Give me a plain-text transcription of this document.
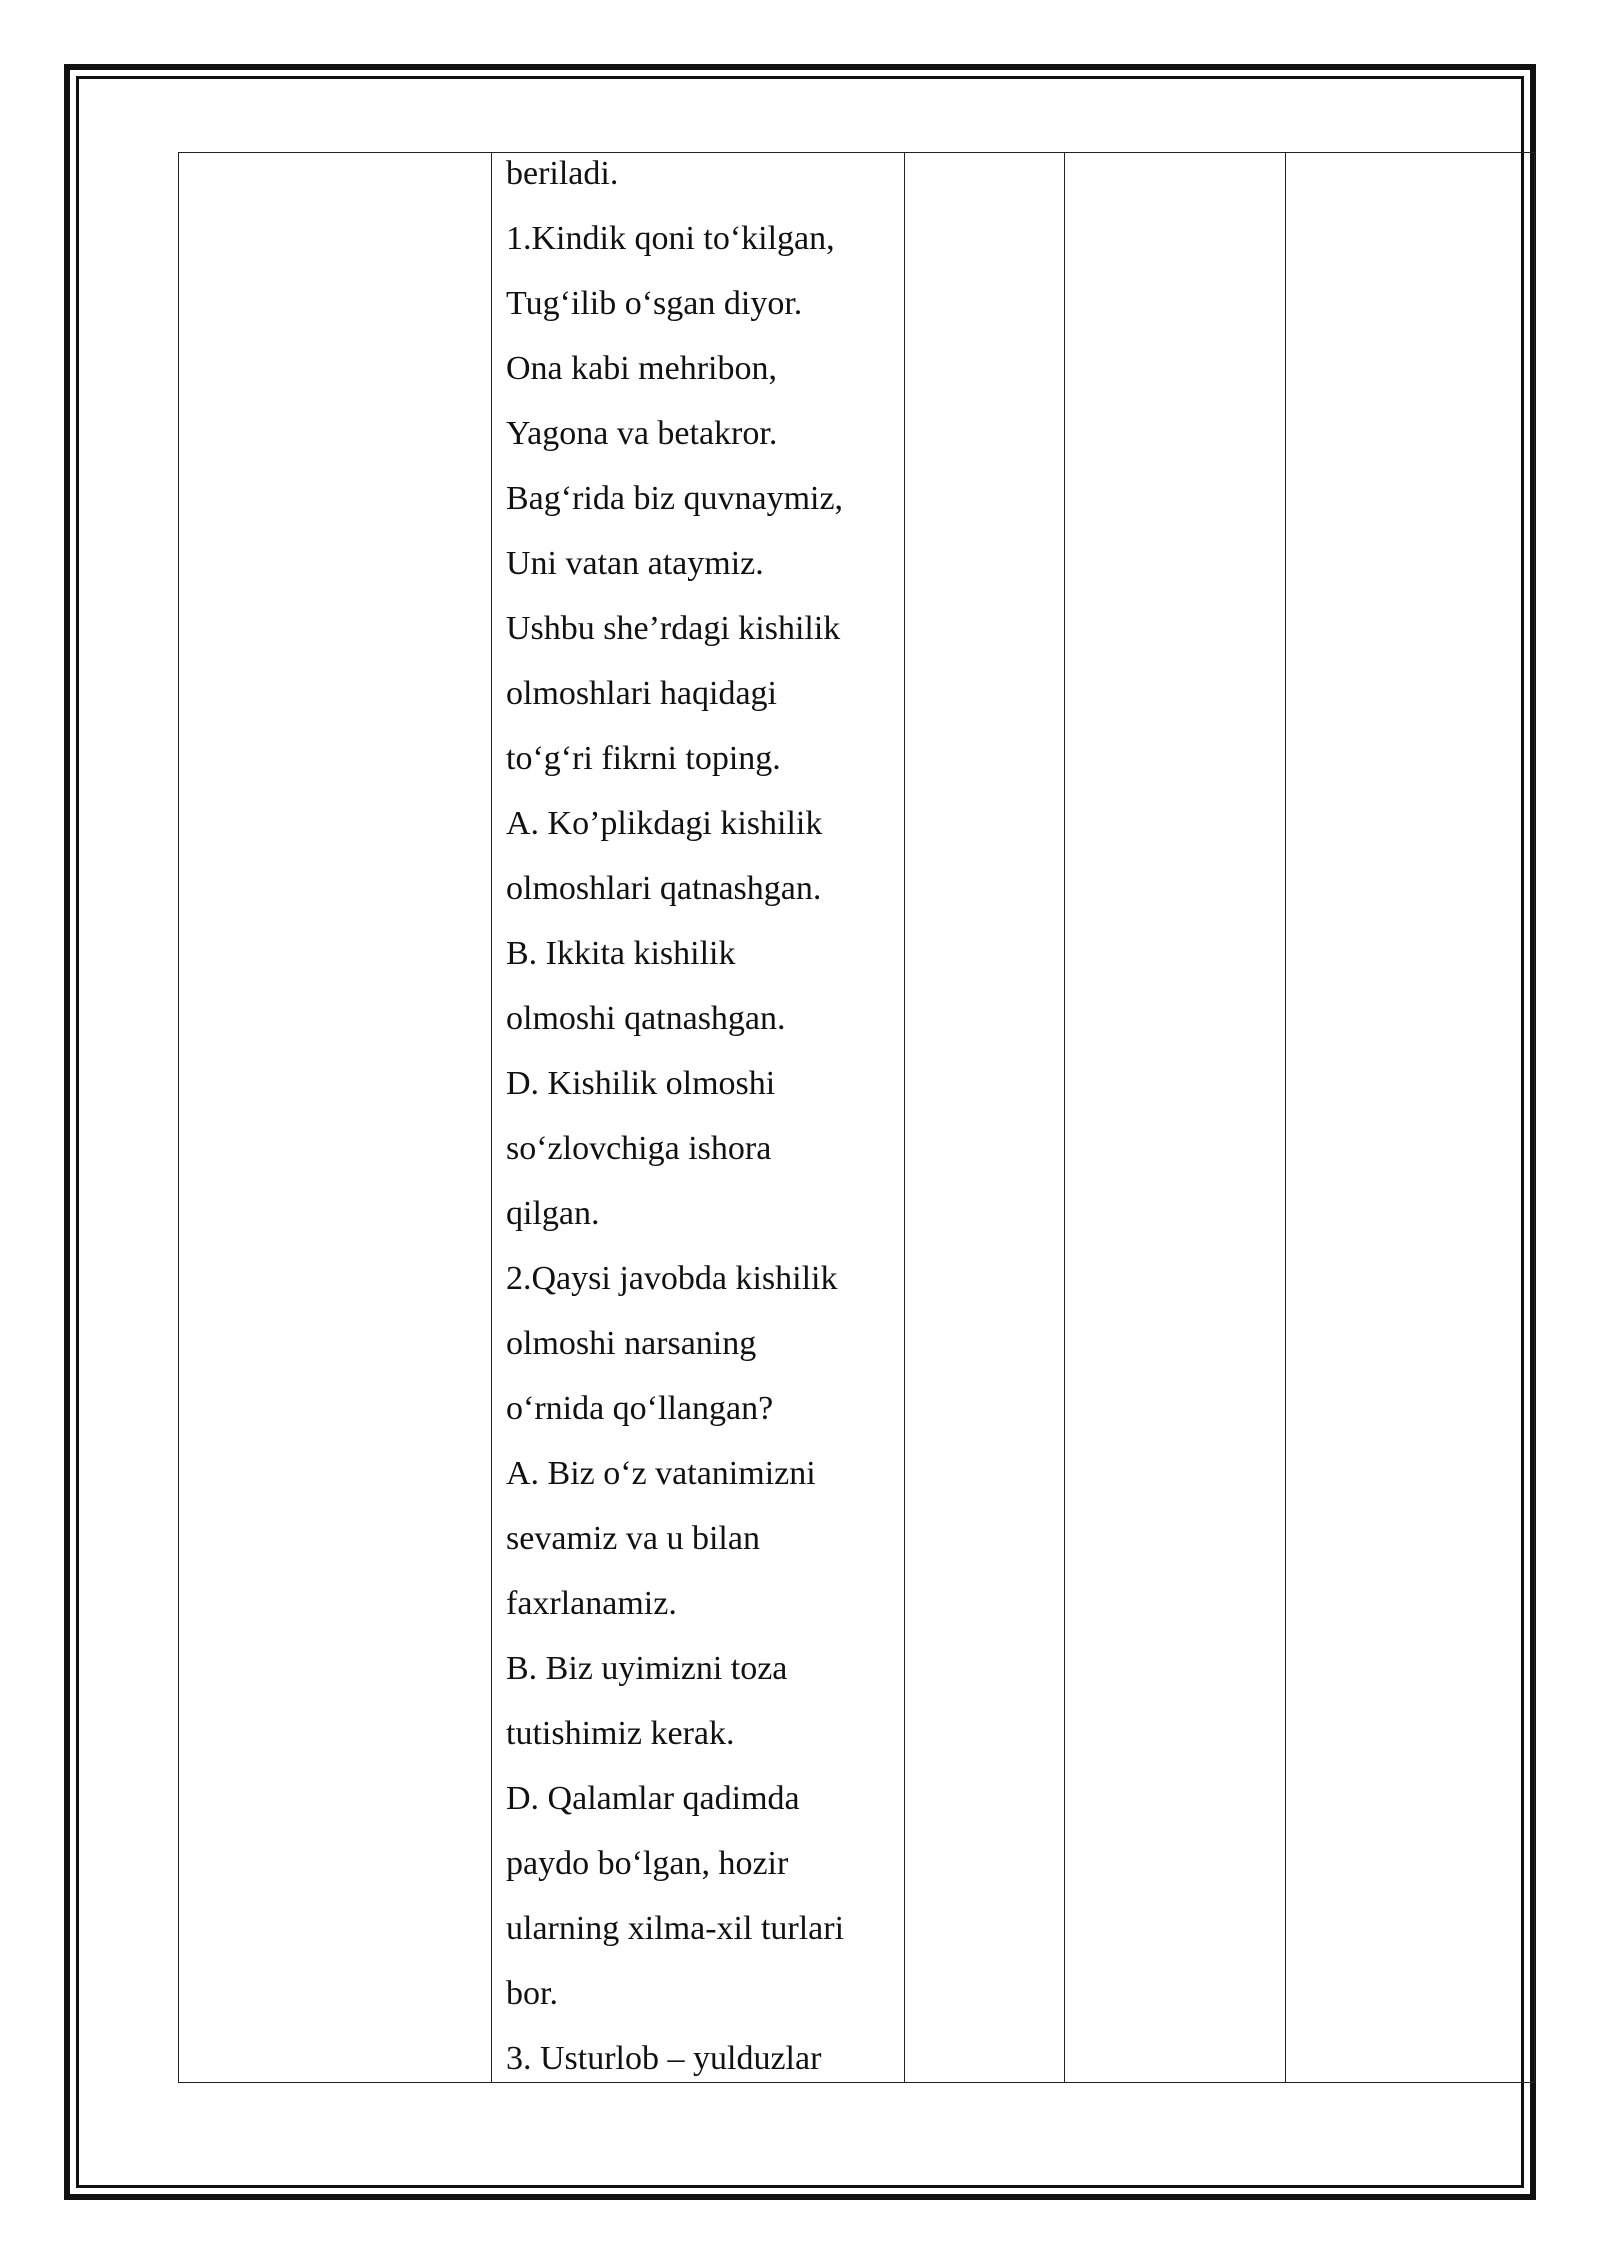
beriladi.
1.Kindik qoni to‘kilgan,
Tug‘ilib o‘sgan diyor.
Ona kabi mehribon,
Yagona va betakror.
Bag‘rida biz quvnaymiz,
Uni vatan ataymiz.
Ushbu she’rdagi kishilik
olmoshlari haqidagi
to‘g‘ri fikrni toping.
A. Ko’plikdagi kishilik
olmoshlari qatnashgan.
B. Ikkita kishilik
olmoshi qatnashgan.
D. Kishilik olmoshi
so‘zlovchiga ishora
qilgan.
2.Qaysi javobda kishilik
olmoshi narsaning
o‘rnida qo‘llangan?
A. Biz o‘z vatanimizni
sevamiz va u bilan
faxrlanamiz.
B. Biz uyimizni toza
tutishimiz kerak.
D. Qalamlar qadimda
paydo bo‘lgan, hozir
ularning xilma-xil turlari
bor.
3. Usturlob – yulduzlar
